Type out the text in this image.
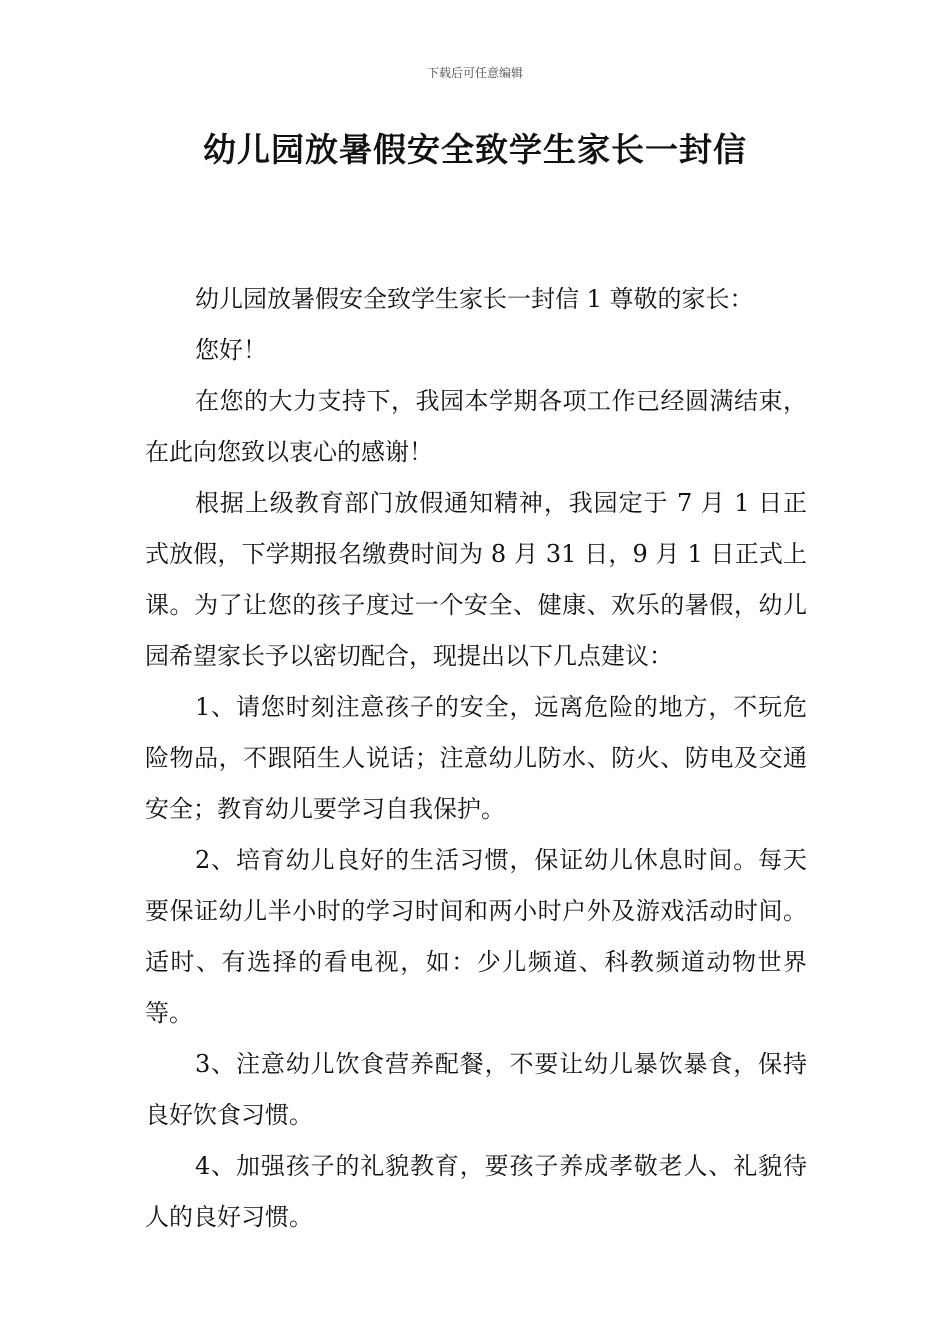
下载后可任意编辑
幼儿园放暑假安全致学生家长一封信

幼儿园放暑假安全致学生家长一封信 1 尊敬的家长：

您好！

在您的大力支持下，我园本学期各项工作已经圆满结束，在此向您致以衷心的感谢！

根据上级教育部门放假通知精神，我园定于 7 月 1 日正式放假，下学期报名缴费时间为 8 月 31 日，9 月 1 日正式上课。为了让您的孩子度过一个安全、健康、欢乐的暑假，幼儿园希望家长予以密切配合，现提出以下几点建议：

1、请您时刻注意孩子的安全，远离危险的地方，不玩危险物品，不跟陌生人说话；注意幼儿防水、防火、防电及交通安全；教育幼儿要学习自我保护。

2、培育幼儿良好的生活习惯，保证幼儿休息时间。每天要保证幼儿半小时的学习时间和两小时户外及游戏活动时间。适时、有选择的看电视，如：少儿频道、科教频道动物世界等。

3、注意幼儿饮食营养配餐，不要让幼儿暴饮暴食，保持良好饮食习惯。

4、加强孩子的礼貌教育，要孩子养成孝敬老人、礼貌待人的良好习惯。
